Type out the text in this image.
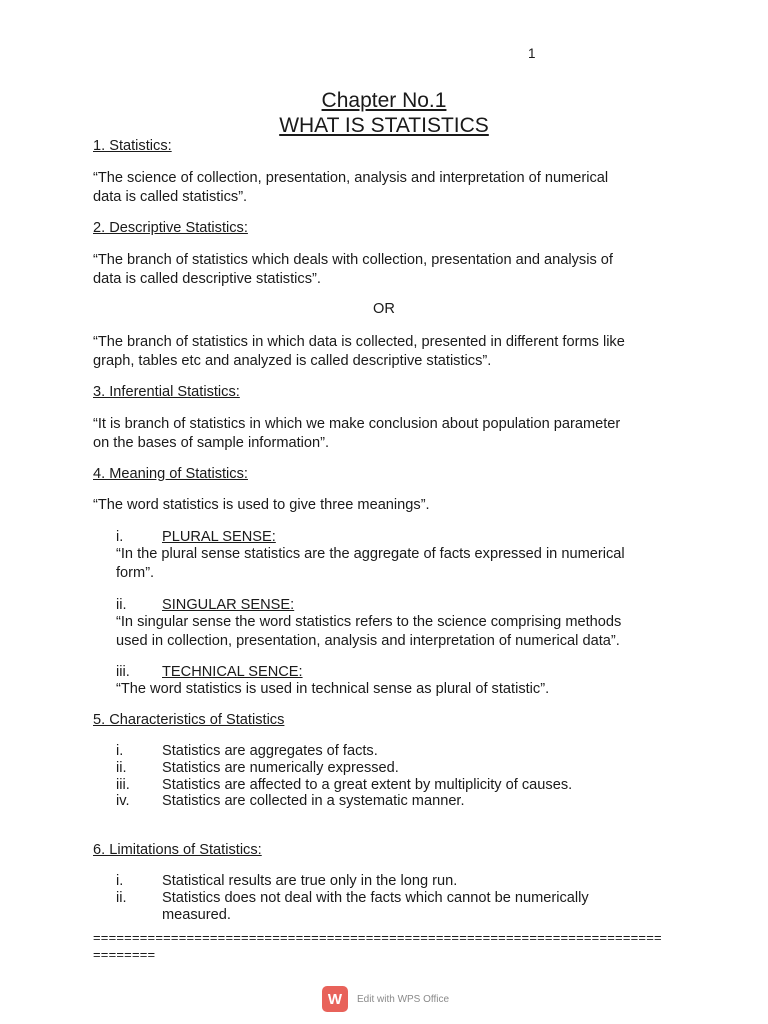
1
Chapter No.1
WHAT IS STATISTICS
1. Statistics:
“The science of collection, presentation, analysis and interpretation of numerical
data is called statistics”.
2. Descriptive Statistics:
“The branch of statistics which deals with collection, presentation and analysis of
data is called descriptive statistics”.
OR
“The branch of statistics in which data is collected, presented in different forms like
graph, tables etc and analyzed is called descriptive statistics”.
3. Inferential Statistics:
“It is branch of statistics in which we make conclusion about population parameter
on the bases of sample information”.
4. Meaning of Statistics:
“The word statistics is used to give three meanings”.
i.	PLURAL SENSE:
“In the plural sense statistics are the aggregate of facts expressed in numerical
form”.
ii. SINGULAR SENSE:
“In singular sense the word statistics refers to the science comprising methods
used in collection, presentation, analysis and interpretation of numerical data”.
iii. TECHNICAL SENCE:
“The word statistics is used in technical sense as plural of statistic”.
5. Characteristics of Statistics
i.	Statistics are aggregates of facts.
ii. Statistics are numerically expressed.
iii. Statistics are affected to a great extent by multiplicity of causes.
iv. Statistics are collected in a systematic manner.
6. Limitations of Statistics:
i.	Statistical results are true only in the long run.
ii. Statistics does not deal with the facts which cannot be numerically
measured.
=========================================================================
========
W	Edit with WPS Office
